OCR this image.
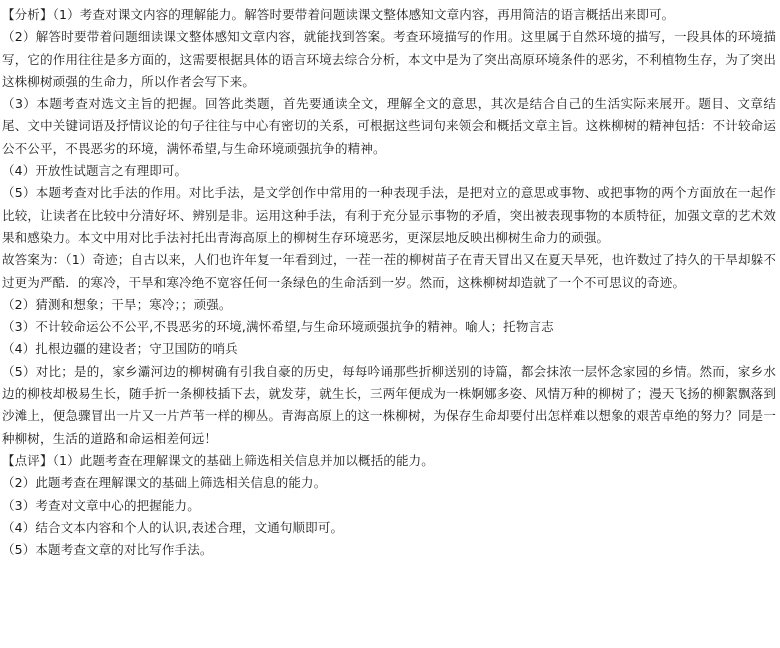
【分析】（1）考查对课文内容的理解能力。解答时要带着问题读课文整体感知文章内容，再用简洁的语言概括出来即可。

（2）解答时要带着问题细读课文整体感知文章内容，就能找到答案。考查环境描写的作用。这里属于自然环境的描写，一段具体的环境描写，它的作用往往是多方面的，这需要根据具体的语言环境去综合分析，本文中是为了突出高原环境条件的恶劣，不利植物生存，为了突出这株柳树顽强的生命力，所以作者会写下来。

（3）本题考查对选文主旨的把握。回答此类题，首先要通读全文，理解全文的意思，其次是结合自己的生活实际来展开。题目、文章结尾、文中关键词语及抒情议论的句子往往与中心有密切的关系，可根据这些词句来领会和概括文章主旨。这株柳树的精神包括：不计较命运公不公平，不畏恶劣的环境，满怀希望,与生命环境顽强抗争的精神。

（4）开放性试题言之有理即可。

（5）本题考查对比手法的作用。对比手法，是文学创作中常用的一种表现手法，是把对立的意思或事物、或把事物的两个方面放在一起作比较，让读者在比较中分清好坏、辨别是非。运用这种手法，有利于充分显示事物的矛盾，突出被表现事物的本质特征，加强文章的艺术效果和感染力。本文中用对比手法衬托出青海高原上的柳树生存环境恶劣，更深层地反映出柳树生命力的顽强。

故答案为：（1）奇迹；自古以来，人们也许年复一年看到过，一茬一茬的柳树苗子在青天冒出又在夏天旱死，也许数过了持久的干旱却躲不过更为严酷．的寒冷，干旱和寒冷绝不宽容任何一条绿色的生命活到一岁。然而，这株柳树却造就了一个不可思议的奇迹。

（2）猜测和想象；干旱；寒冷；；顽强。

（3）不计较命运公不公平,不畏恶劣的环境,满怀希望,与生命环境顽强抗争的精神。喻人；托物言志

（4）扎根边疆的建设者；守卫国防的哨兵

（5）对比；是的，家乡灞河边的柳树确有引我自豪的历史，每每吟诵那些折柳送别的诗篇，都会抹浓一层怀念家园的乡情。然而，家乡水边的柳枝却极易生长，随手折一条柳枝插下去，就发芽，就生长，三两年便成为一株婀娜多姿、风情万种的柳树了；漫天飞扬的柳絮飘落到沙滩上，便急骤冒出一片又一片芦苇一样的柳丛。青海高原上的这一株柳树，为保存生命却要付出怎样难以想象的艰苦卓绝的努力？同是一种柳树，生活的道路和命运相差何远！

【点评】（1）此题考查在理解课文的基础上筛选相关信息并加以概括的能力。

（2）此题考查在理解课文的基础上筛选相关信息的能力。

（3）考查对文章中心的把握能力。

（4）结合文本内容和个人的认识,表述合理，文通句顺即可。

（5）本题考查文章的对比写作手法。
